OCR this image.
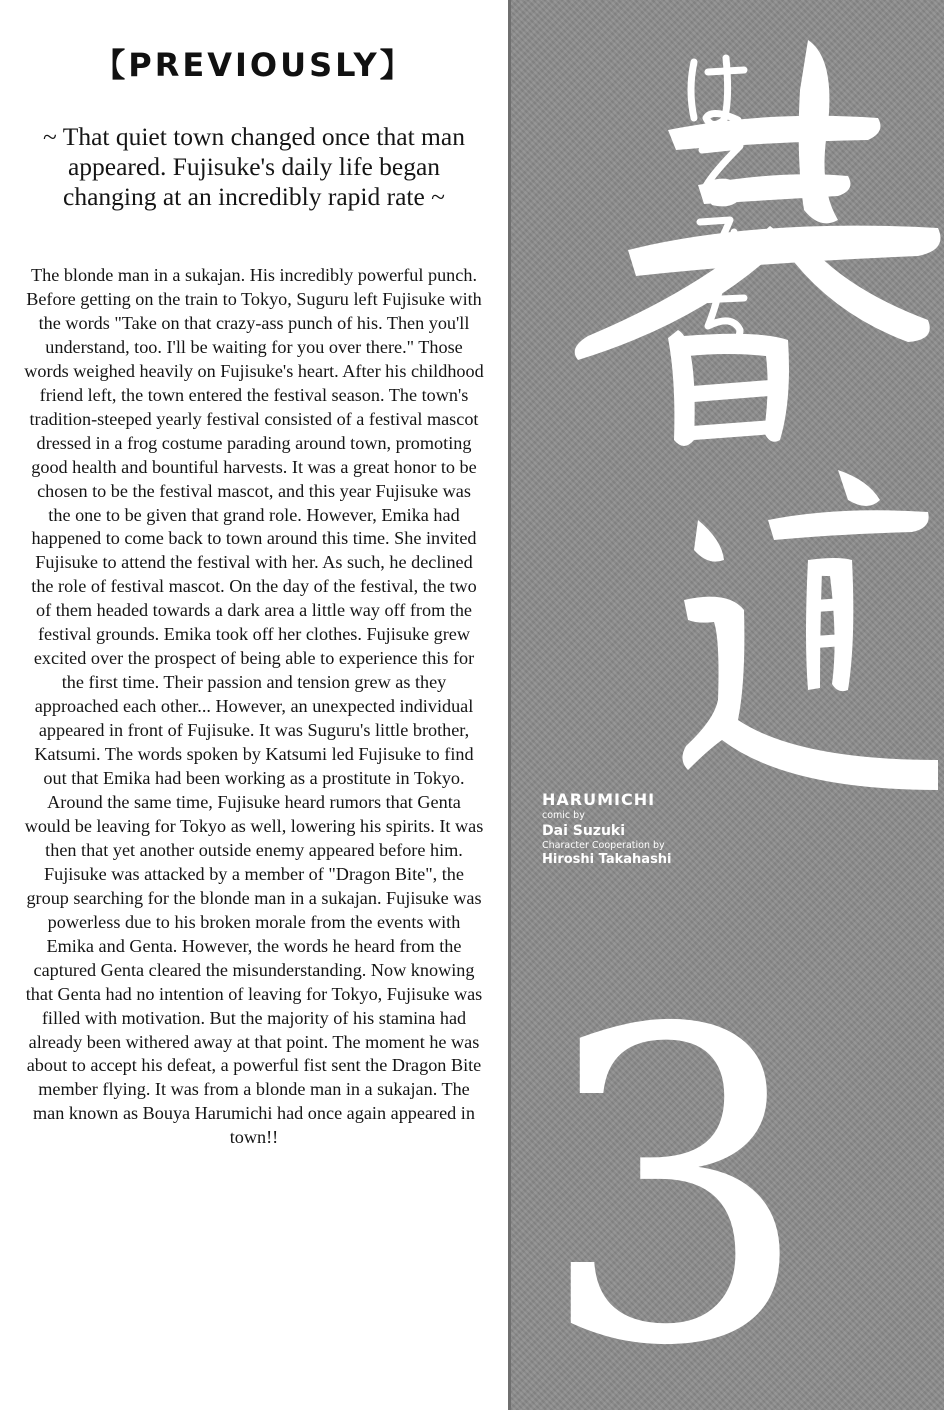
【PREVIOUSLY】
~ That quiet town changed once that man appeared. Fujisuke's daily life began changing at an incredibly rapid rate ~
The blonde man in a sukajan. His incredibly powerful punch. Before getting on the train to Tokyo, Suguru left Fujisuke with the words "Take on that crazy-ass punch of his. Then you'll understand, too. I'll be waiting for you over there." Those words weighed heavily on Fujisuke's heart. After his childhood friend left, the town entered the festival season. The town's tradition-steeped yearly festival consisted of a festival mascot dressed in a frog costume parading around town, promoting good health and bountiful harvests. It was a great honor to be chosen to be the festival mascot, and this year Fujisuke was the one to be given that grand role. However, Emika had happened to come back to town around this time. She invited Fujisuke to attend the festival with her. As such, he declined the role of festival mascot. On the day of the festival, the two of them headed towards a dark area a little way off from the festival grounds. Emika took off her clothes. Fujisuke grew excited over the prospect of being able to experience this for the first time. Their passion and tension grew as they approached each other... However, an unexpected individual appeared in front of Fujisuke. It was Suguru's little brother, Katsumi. The words spoken by Katsumi led Fujisuke to find out that Emika had been working as a prostitute in Tokyo. Around the same time, Fujisuke heard rumors that Genta would be leaving for Tokyo as well, lowering his spirits. It was then that yet another outside enemy appeared before him. Fujisuke was attacked by a member of "Dragon Bite", the group searching for the blonde man in a sukajan. Fujisuke was powerless due to his broken morale from the events with Emika and Genta. However, the words he heard from the captured Genta cleared the misunderstanding. Now knowing that Genta had no intention of leaving for Tokyo, Fujisuke was filled with motivation. But the majority of his stamina had already been withered away at that point. The moment he was about to accept his defeat, a powerful fist sent the Dragon Bite member flying. It was from a blonde man in a sukajan. The man known as Bouya Harumichi had once again appeared in town!!
HARUMICHI
comic by
Dai Suzuki
Character Cooperation by
Hiroshi Takahashi
3
